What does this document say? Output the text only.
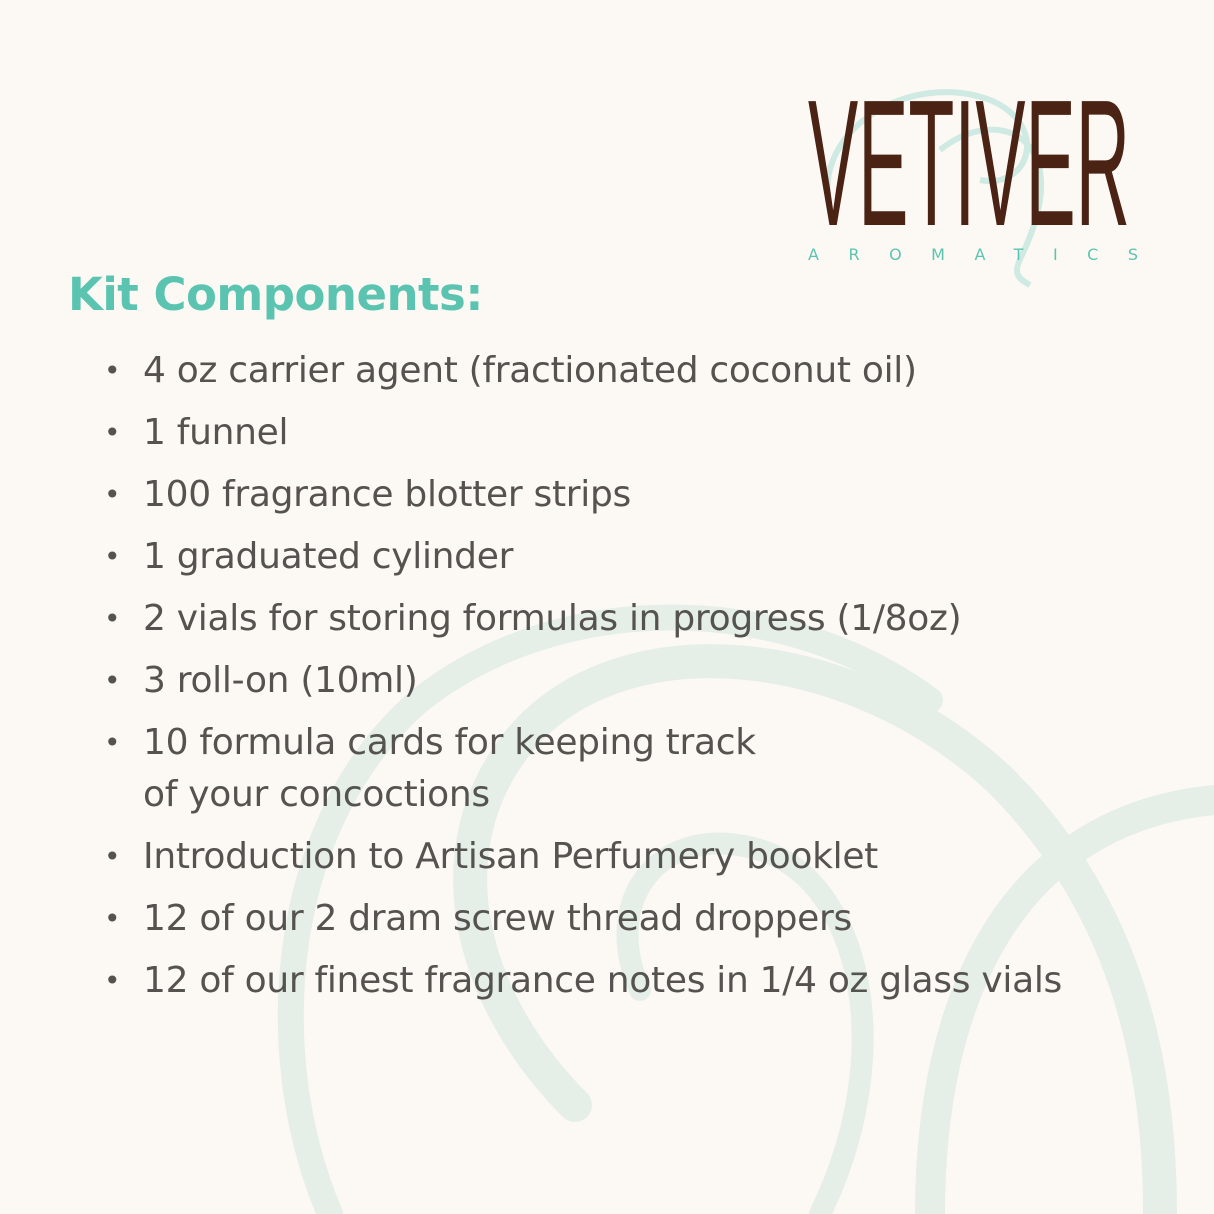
VETIVER
AROMATICS
Kit Components:
• 4 oz carrier agent (fractionated coconut oil)
• 1 funnel
• 100 fragrance blotter strips
• 1 graduated cylinder
• 2 vials for storing formulas in progress (1/8oz)
• 3 roll-on (10ml)
• 10 formula cards for keeping track
of your concoctions
• Introduction to Artisan Perfumery booklet
• 12 of our 2 dram screw thread droppers
• 12 of our finest fragrance notes in 1/4 oz glass vials
